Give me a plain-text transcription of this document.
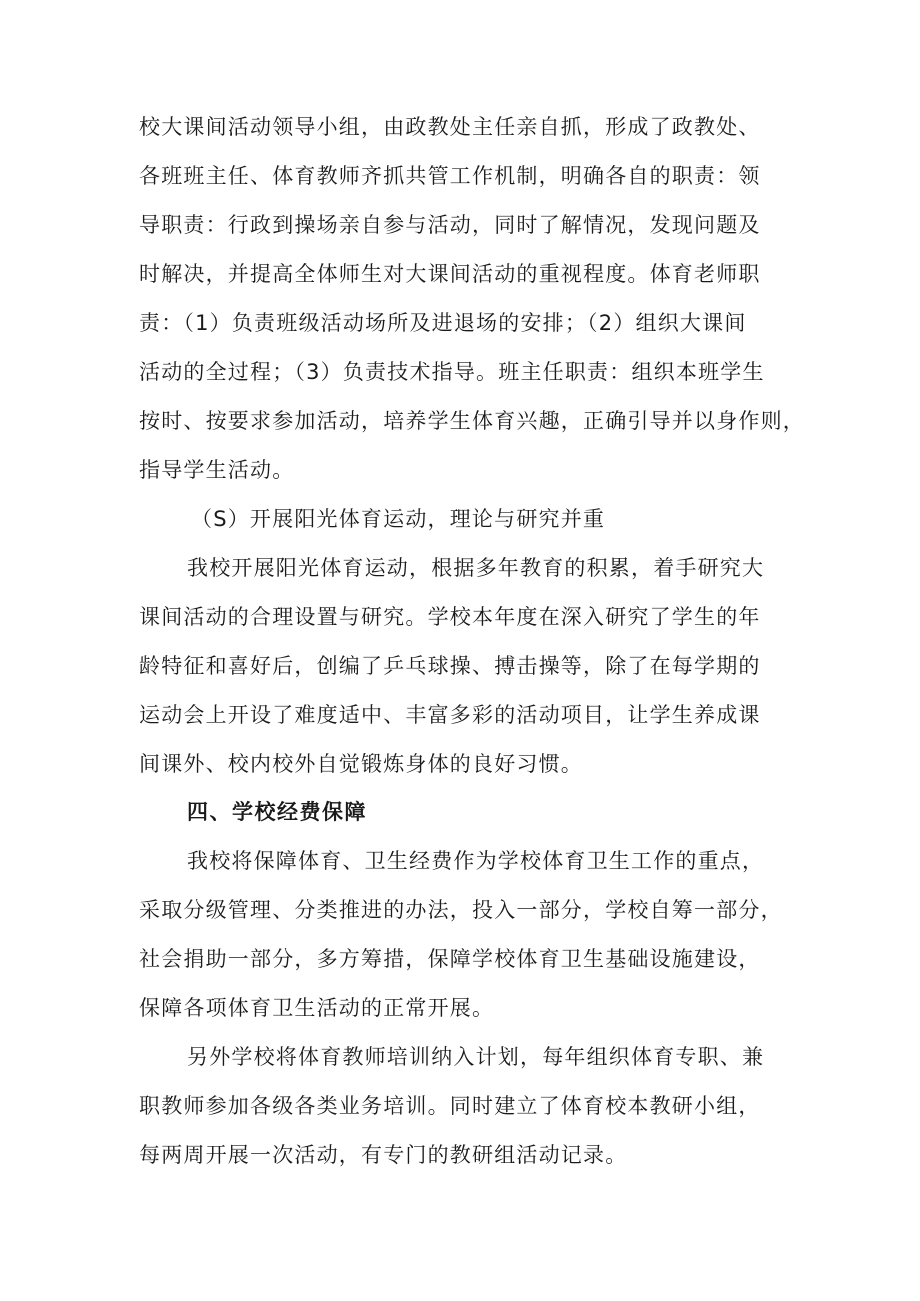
校大课间活动领导小组，由政教处主任亲自抓，形成了政教处、

各班班主任、体育教师齐抓共管工作机制，明确各自的职责：领

导职责：行政到操场亲自参与活动，同时了解情况，发现问题及

时解决，并提高全体师生对大课间活动的重视程度。体育老师职

责：（1）负责班级活动场所及进退场的安排；（2）组织大课间

活动的全过程；（3）负责技术指导。班主任职责：组织本班学生

按时、按要求参加活动，培养学生体育兴趣，正确引导并以身作则，

指导学生活动。

（S）开展阳光体育运动，理论与研究并重

我校开展阳光体育运动，根据多年教育的积累，着手研究大

课间活动的合理设置与研究。学校本年度在深入研究了学生的年

龄特征和喜好后，创编了乒乓球操、搏击操等，除了在每学期的

运动会上开设了难度适中、丰富多彩的活动项目，让学生养成课

间课外、校内校外自觉锻炼身体的良好习惯。

四、学校经费保障

我校将保障体育、卫生经费作为学校体育卫生工作的重点，

采取分级管理、分类推进的办法，投入一部分，学校自筹一部分，

社会捐助一部分，多方筹措，保障学校体育卫生基础设施建设，

保障各项体育卫生活动的正常开展。

另外学校将体育教师培训纳入计划，每年组织体育专职、兼

职教师参加各级各类业务培训。同时建立了体育校本教研小组，

每两周开展一次活动，有专门的教研组活动记录。
